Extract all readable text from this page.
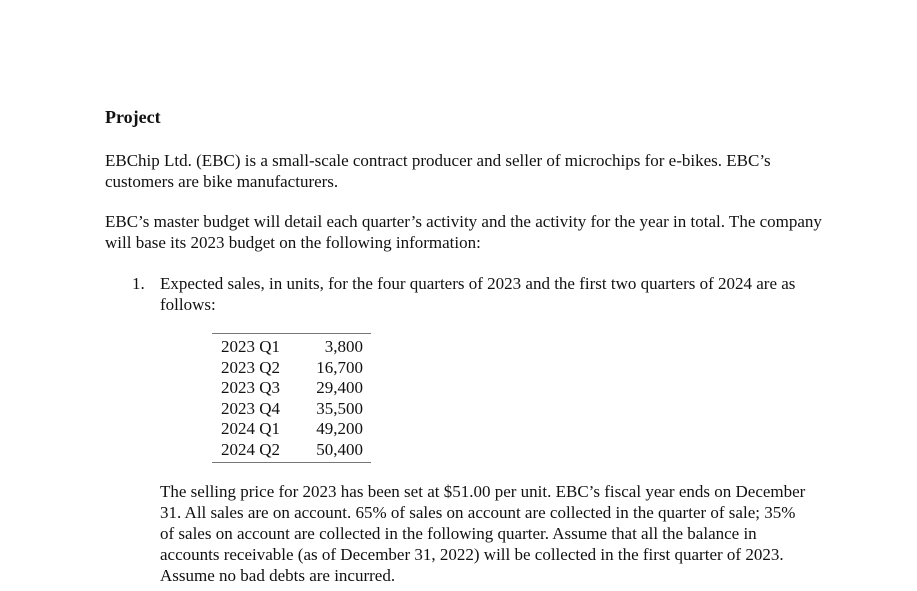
Project

EBChip Ltd. (EBC) is a small-scale contract producer and seller of microchips for e-bikes. EBC’s customers are bike manufacturers.

EBC’s master budget will detail each quarter’s activity and the activity for the year in total. The company will base its 2023 budget on the following information:

1. Expected sales, in units, for the four quarters of 2023 and the first two quarters of 2024 are as follows:
2023 Q1	3,800
2023 Q2	16,700
2023 Q3	29,400
2023 Q4	35,500
2024 Q1	49,200
2024 Q2	50,400

The selling price for 2023 has been set at $51.00 per unit. EBC’s fiscal year ends on December 31. All sales are on account. 65% of sales on account are collected in the quarter of sale; 35% of sales on account are collected in the following quarter. Assume that all the balance in accounts receivable (as of December 31, 2022) will be collected in the first quarter of 2023. Assume no bad debts are incurred.
